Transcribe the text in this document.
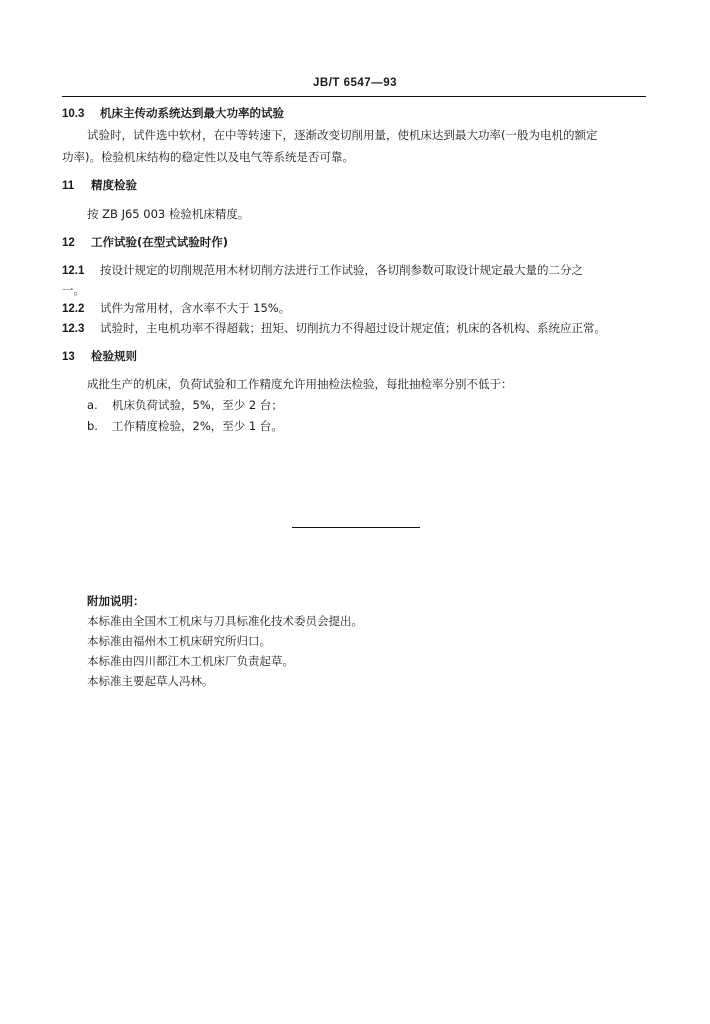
JB/T 6547—93
10.3 机床主传动系统达到最大功率的试验
试验时，试件选中软材，在中等转速下，逐渐改变切削用量，使机床达到最大功率(一般为电机的额定
功率)。检验机床结构的稳定性以及电气等系统是否可靠。
11 精度检验
按 ZB J65 003 检验机床精度。
12 工作试验(在型式试验时作)
12.1 按设计规定的切削规范用木材切削方法进行工作试验，各切削参数可取设计规定最大量的二分之
一。
12.2 试件为常用材，含水率不大于 15%。
12.3 试验时，主电机功率不得超载；扭矩、切削抗力不得超过设计规定值；机床的各机构、系统应正常。
13 检验规则
成批生产的机床，负荷试验和工作精度允许用抽检法检验，每批抽检率分别不低于：
a. 机床负荷试验，5%，至少 2 台；
b. 工作精度检验，2%，至少 1 台。
附加说明：
本标准由全国木工机床与刀具标准化技术委员会提出。
本标准由福州木工机床研究所归口。
本标准由四川都江木工机床厂负责起草。
本标准主要起草人冯林。
